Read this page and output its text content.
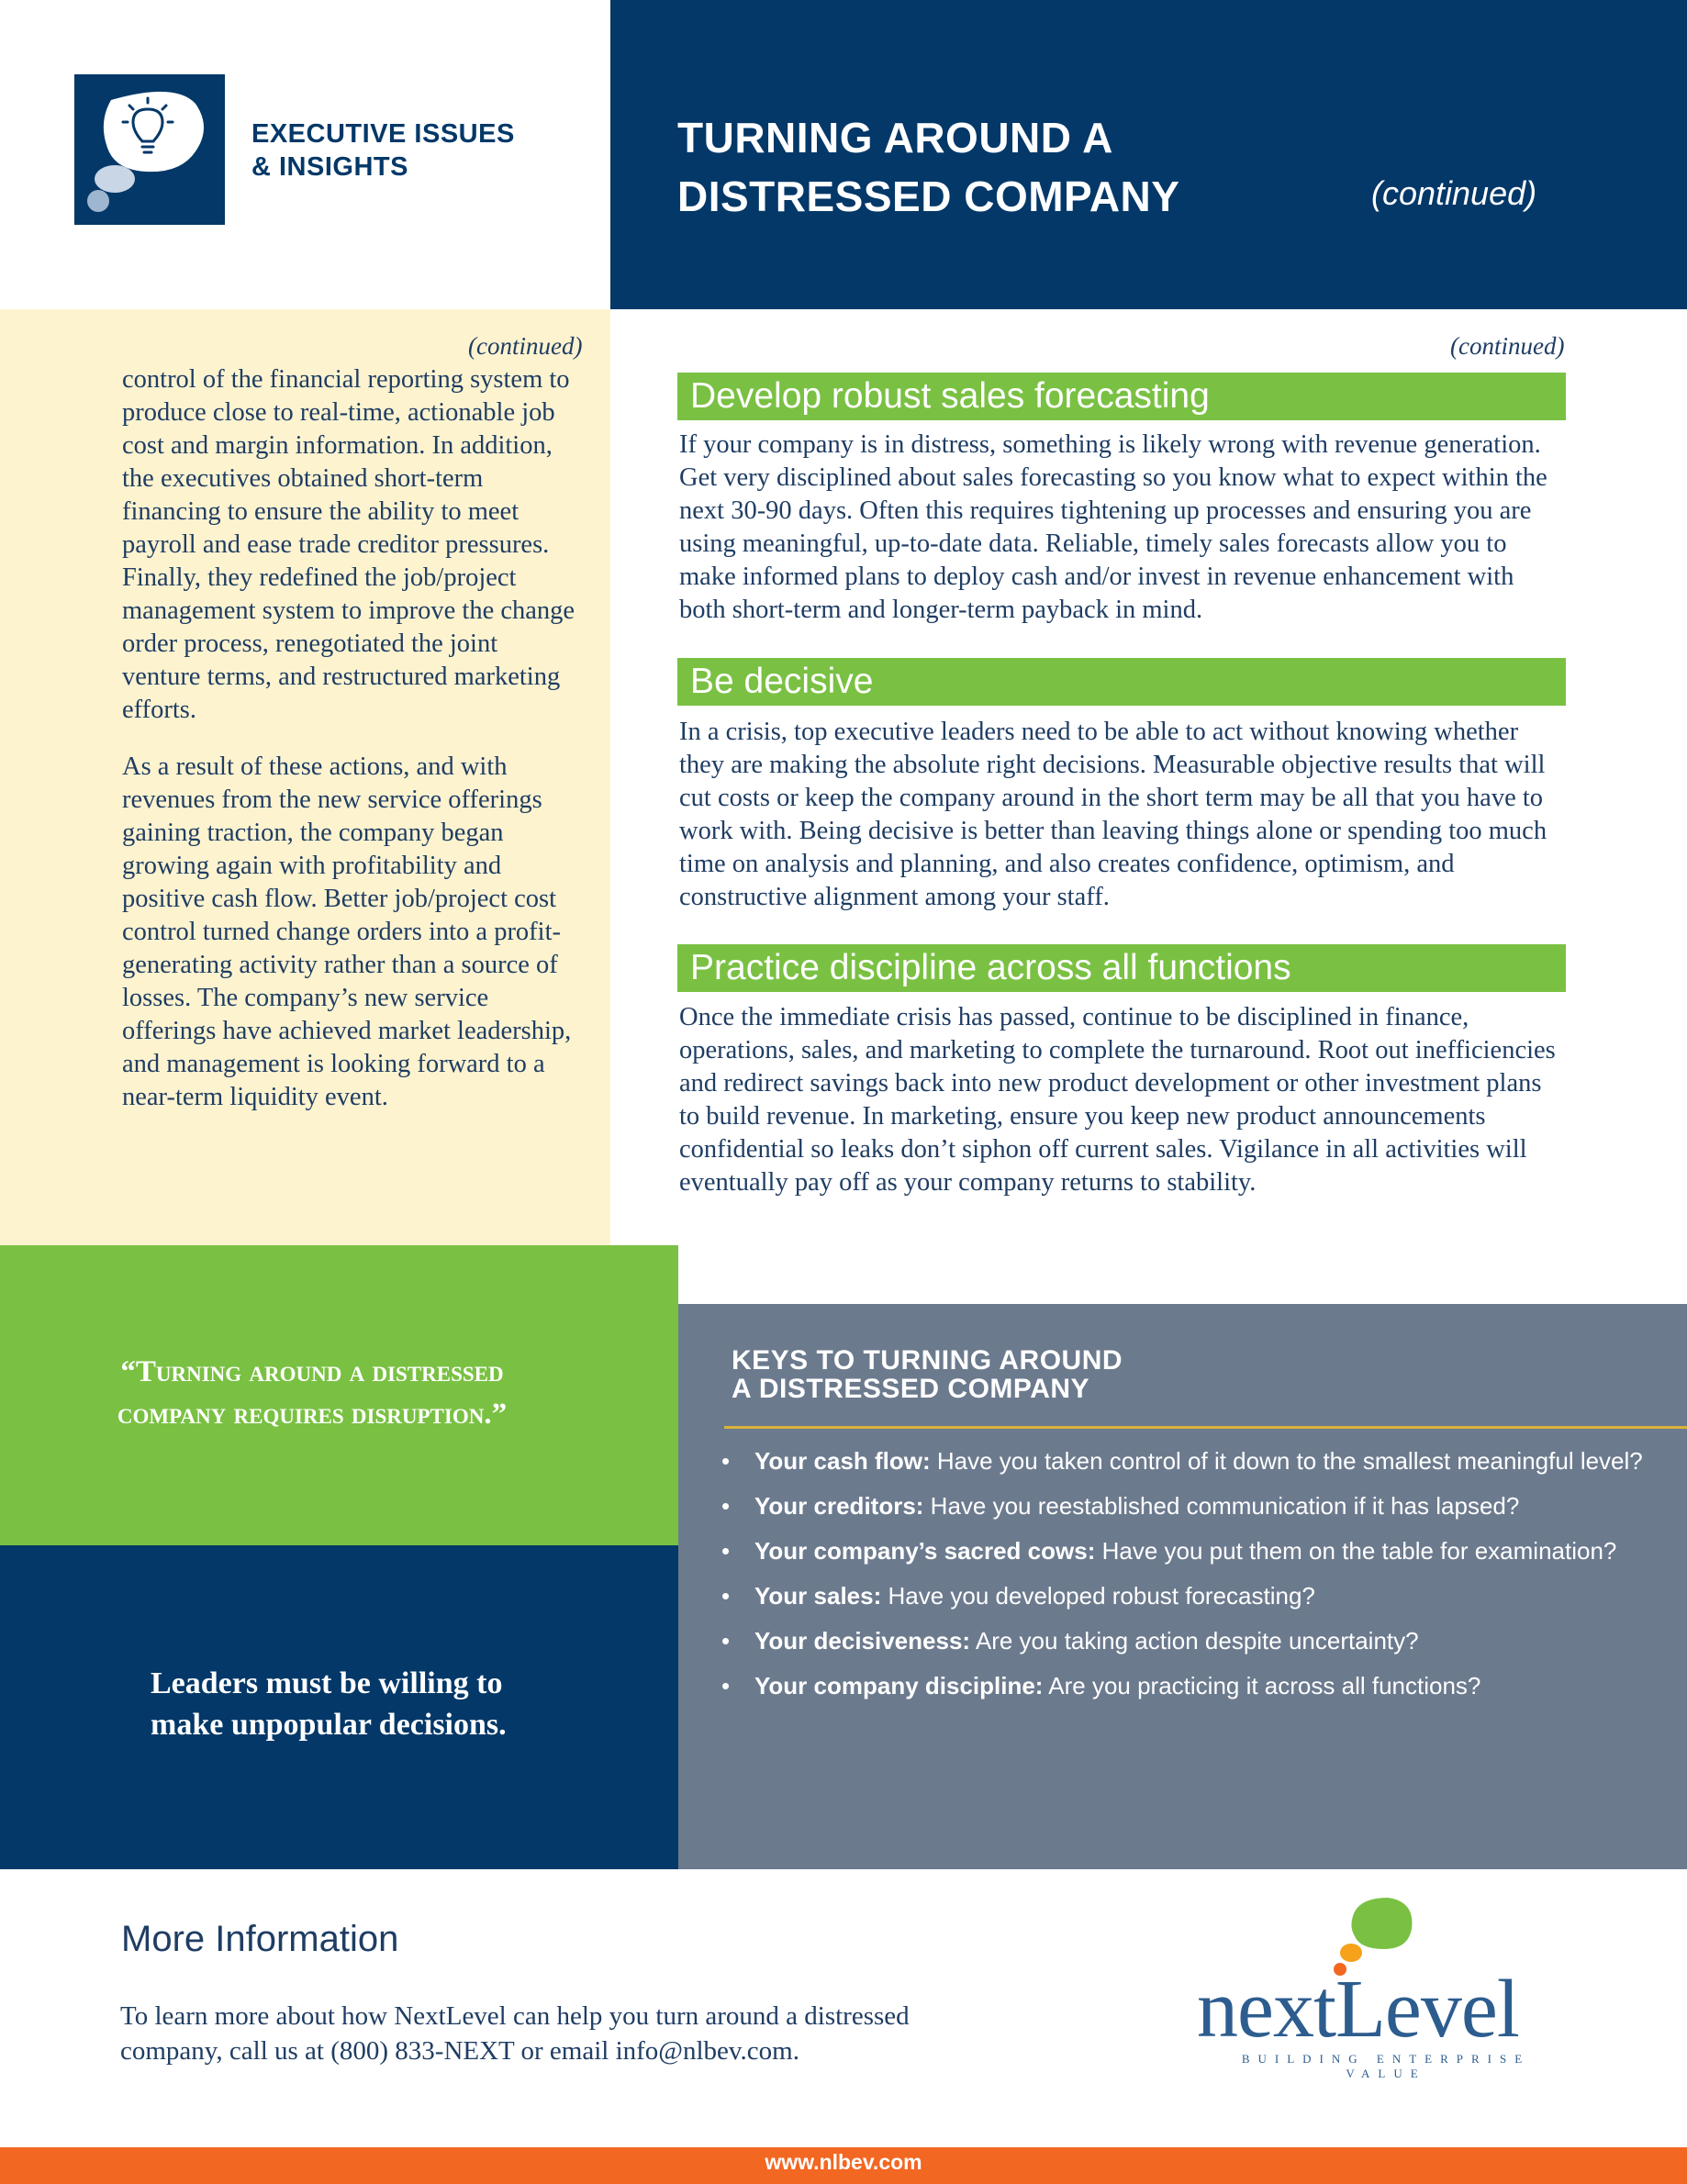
EXECUTIVE ISSUES
& INSIGHTS
TURNING AROUND A
DISTRESSED COMPANY	(continued)
(continued)

control of the financial reporting system to produce close to real-time, actionable job cost and margin information. In addition, the executives obtained short-term financing to ensure the ability to meet payroll and ease trade creditor pressures. Finally, they redefined the job/project management system to improve the change order process, renegotiated the joint venture terms, and restructured marketing efforts.

As a result of these actions, and with revenues from the new service offerings gaining traction, the company began growing again with profitability and positive cash flow. Better job/project cost control turned change orders into a profit-generating activity rather than a source of losses. The company’s new service offerings have achieved market leadership, and management is looking forward to a near-term liquidity event.

(continued)
Develop robust sales forecasting

If your company is in distress, something is likely wrong with revenue generation. Get very disciplined about sales forecasting so you know what to expect within the next 30-90 days. Often this requires tightening up processes and ensuring you are using meaningful, up-to-date data. Reliable, timely sales forecasts allow you to make informed plans to deploy cash and/or invest in revenue enhancement with both short-term and longer-term payback in mind.

Be decisive

In a crisis, top executive leaders need to be able to act without knowing whether they are making the absolute right decisions. Measurable objective results that will cut costs or keep the company around in the short term may be all that you have to work with. Being decisive is better than leaving things alone or spending too much time on analysis and planning, and also creates confidence, optimism, and constructive alignment among your staff.

Practice discipline across all functions

Once the immediate crisis has passed, continue to be disciplined in finance, operations, sales, and marketing to complete the turnaround. Root out inefficiencies and redirect savings back into new product development or other investment plans to build revenue. In marketing, ensure you keep new product announcements confidential so leaks don’t siphon off current sales. Vigilance in all activities will eventually pay off as your company returns to stability.

“Turning around a distressed
company requires disruption.”
Leaders must be willing to
make unpopular decisions.
KEYS TO TURNING AROUND
A DISTRESSED COMPANY
• Your cash flow: Have you taken control of it down to the smallest meaningful level?
• Your creditors: Have you reestablished communication if it has lapsed?
• Your company’s sacred cows: Have you put them on the table for examination?
• Your sales: Have you developed robust forecasting?
• Your decisiveness: Are you taking action despite uncertainty?
• Your company discipline: Are you practicing it across all functions?
More Information
To learn more about how NextLevel can help you turn around a distressed
company, call us at (800) 833-NEXT or email info@nlbev.com.	nextLevel
BUILDING ENTERPRISE VALUE
www.nlbev.com
